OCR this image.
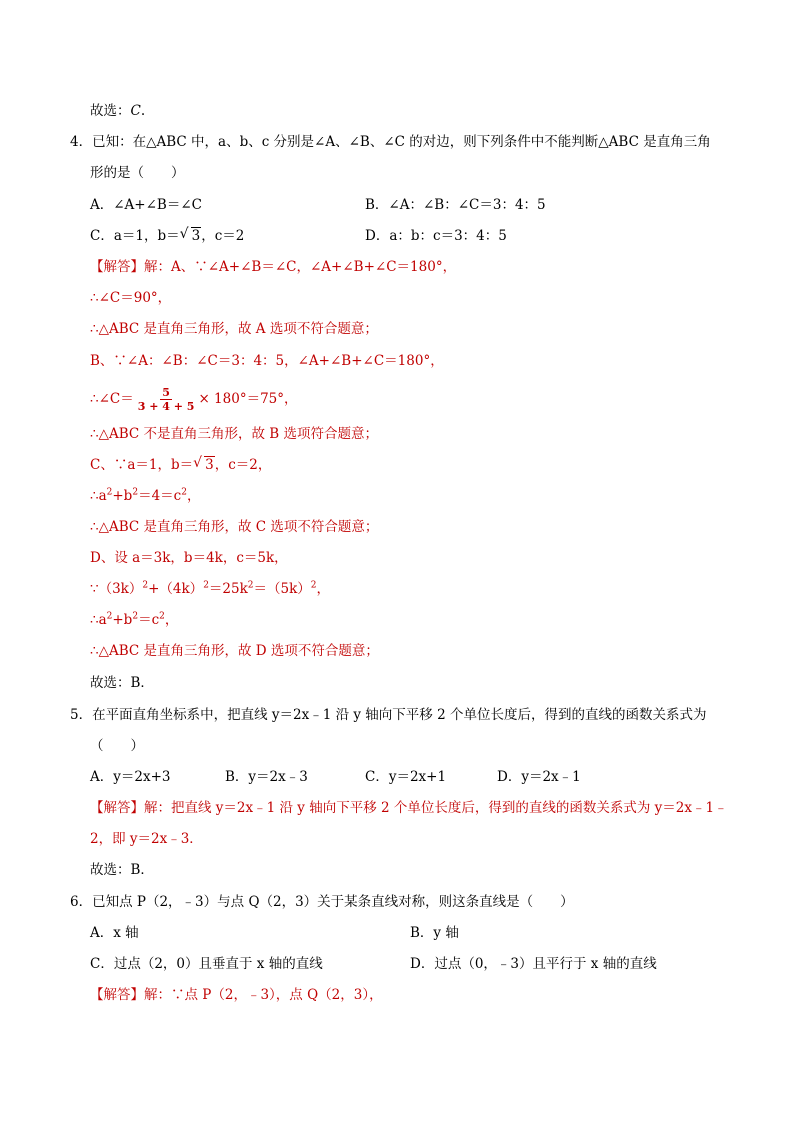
故选：C.
4．已知：在△ABC 中，a、b、c 分别是∠A、∠B、∠C 的对边，则下列条件中不能判断△ABC 是直角三角
形的是（　　）
A．∠A+∠B＝∠C	B．∠A：∠B：∠C＝3：4：5
C．a＝1，b＝ √ 3，c＝2	D．a：b：c＝3：4：5
【解答】解：A、∵∠A+∠B＝∠C，∠A+∠B+∠C＝180°，
∴∠C＝90°，
∴△ABC 是直角三角形，故 A 选项不符合题意；
B、∵∠A：∠B：∠C＝3：4：5，∠A+∠B+∠C＝180°，
∴∠C＝ $\frac{5}{3 + 4 + 5} \times 180^\circ=75^\circ$，
∴△ABC 不是直角三角形，故 B 选项符合题意；
C、∵a＝1，b＝ √ 3，c＝2，
$\therefore a^2+b^2=4=c^2$，
∴△ABC 是直角三角形，故 C 选项不符合题意；
D、设 a＝3k，b＝4k，c＝5k，
$\because(3k)^2+(4k)^2=25k^2=(5k)^2$，
$\therefore a^2+b^2=c^2$，
∴△ABC 是直角三角形，故 D 选项不符合题意；
故选：B．
5．在平面直角坐标系中，把直线 y＝2x﹣1 沿 y 轴向下平移 2 个单位长度后，得到的直线的函数关系式为
（　　）
A．y＝2x+3	B．y＝2x﹣3	C．y＝2x+1	D．y＝2x﹣1
【解答】解：把直线 y＝2x﹣1 沿 y 轴向下平移 2 个单位长度后，得到的直线的函数关系式为 y＝2x﹣1﹣
2，即 y＝2x﹣3．
故选：B．
6．已知点 P（2，﹣3）与点 Q（2，3）关于某条直线对称，则这条直线是（　　）
A．x 轴	B．y 轴
C．过点（2，0）且垂直于 x 轴的直线	D．过点（0，﹣3）且平行于 x 轴的直线
【解答】解：∵点 P（2，﹣3），点 Q（2，3），
